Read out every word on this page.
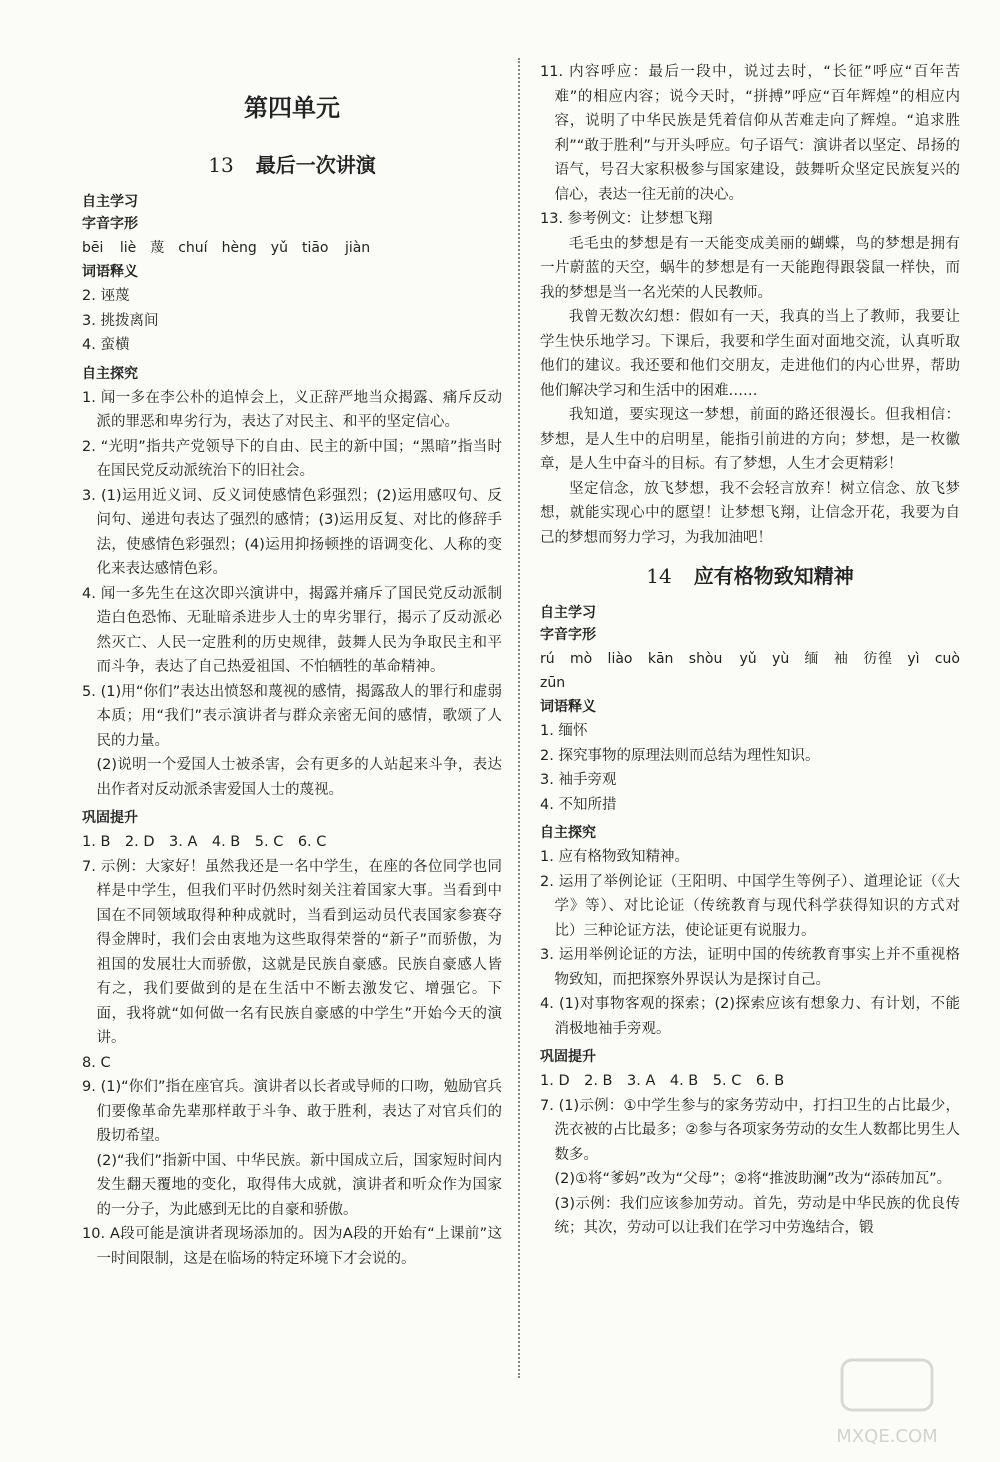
第四单元
13 最后一次讲演
自主学习
字音字形

bēi liè　蔑　chuí　hèng　yǔ　tiāo jiàn

词语释义

2. 诬蔑

3. 挑拨离间

4. 蛮横

自主探究

1. 闻一多在李公朴的追悼会上，义正辞严地当众揭露、痛斥反动派的罪恶和卑劣行为，表达了对民主、和平的坚定信心。

2. “光明”指共产党领导下的自由、民主的新中国；“黑暗”指当时在国民党反动派统治下的旧社会。

3. (1)运用近义词、反义词使感情色彩强烈；(2)运用感叹句、反问句、递进句表达了强烈的感情；(3)运用反复、对比的修辞手法，使感情色彩强烈；(4)运用抑扬顿挫的语调变化、人称的变化来表达感情色彩。

4. 闻一多先生在这次即兴演讲中，揭露并痛斥了国民党反动派制造白色恐怖、无耻暗杀进步人士的卑劣罪行，揭示了反动派必然灭亡、人民一定胜利的历史规律，鼓舞人民为争取民主和平而斗争，表达了自己热爱祖国、不怕牺牲的革命精神。

5. (1)用“你们”表达出愤怒和蔑视的感情，揭露敌人的罪行和虚弱本质；用“我们”表示演讲者与群众亲密无间的感情，歌颂了人民的力量。

(2)说明一个爱国人士被杀害，会有更多的人站起来斗争，表达出作者对反动派杀害爱国人士的蔑视。

巩固提升

1. B　2. D　3. A　4. B　5. C　6. C

7. 示例：大家好！虽然我还是一名中学生，在座的各位同学也同样是中学生，但我们平时仍然时刻关注着国家大事。当看到中国在不同领域取得种种成就时，当看到运动员代表国家参赛夺得金牌时，我们会由衷地为这些取得荣誉的“新子”而骄傲，为祖国的发展壮大而骄傲，这就是民族自豪感。民族自豪感人皆有之，我们要做到的是在生活中不断去激发它、增强它。下面，我将就“如何做一名有民族自豪感的中学生”开始今天的演讲。

8. C

9. (1)“你们”指在座官兵。演讲者以长者或导师的口吻，勉励官兵们要像革命先辈那样敢于斗争、敢于胜利，表达了对官兵们的殷切希望。

(2)“我们”指新中国、中华民族。新中国成立后，国家短时间内发生翻天覆地的变化，取得伟大成就，演讲者和听众作为国家的一分子，为此感到无比的自豪和骄傲。

10. A段可能是演讲者现场添加的。因为A段的开始有“上课前”这一时间限制，这是在临场的特定环境下才会说的。

11. 内容呼应：最后一段中，说过去时，“长征”呼应“百年苦难”的相应内容；说今天时，“拼搏”呼应“百年辉煌”的相应内容，说明了中华民族是凭着信仰从苦难走向了辉煌。“追求胜利”“敢于胜利”与开头呼应。句子语气：演讲者以坚定、昂扬的语气，号召大家积极参与国家建设，鼓舞听众坚定民族复兴的信心，表达一往无前的决心。

13. 参考例文：让梦想飞翔

毛毛虫的梦想是有一天能变成美丽的蝴蝶，鸟的梦想是拥有一片蔚蓝的天空，蜗牛的梦想是有一天能跑得跟袋鼠一样快，而我的梦想是当一名光荣的人民教师。

我曾无数次幻想：假如有一天，我真的当上了教师，我要让学生快乐地学习。下课后，我要和学生面对面地交流，认真听取他们的建议。我还要和他们交朋友，走进他们的内心世界，帮助他们解决学习和生活中的困难……

我知道，要实现这一梦想，前面的路还很漫长。但我相信：梦想，是人生中的启明星，能指引前进的方向；梦想，是一枚徽章，是人生中奋斗的目标。有了梦想，人生才会更精彩！

坚定信念，放飞梦想，我不会轻言放弃！树立信念、放飞梦想，就能实现心中的愿望！让梦想飞翔，让信念开花，我要为自己的梦想而努力学习，为我加油吧！

14 应有格物致知精神
自主学习
字音字形

rú　mò　liào　kān　shòu yǔ　yù　缅　袖　彷徨　yì　cuò　zūn

词语释义

1. 缅怀

2. 探究事物的原理法则而总结为理性知识。

3. 袖手旁观

4. 不知所措

自主探究

1. 应有格物致知精神。

2. 运用了举例论证（王阳明、中国学生等例子）、道理论证（《大学》等）、对比论证（传统教育与现代科学获得知识的方式对比）三种论证方法，使论证更有说服力。

3. 运用举例论证的方法，证明中国的传统教育事实上并不重视格物致知，而把探察外界误认为是探讨自己。

4. (1)对事物客观的探索；(2)探索应该有想象力、有计划，不能消极地袖手旁观。

巩固提升

1. D　2. B　3. A　4. B　5. C　6. B

7. (1)示例：①中学生参与的家务劳动中，打扫卫生的占比最少，洗衣被的占比最多；②参与各项家务劳动的女生人数都比男生人数多。

(2)①将“爹妈”改为“父母”；②将“推波助澜”改为“添砖加瓦”。

(3)示例：我们应该参加劳动。首先，劳动是中华民族的优良传统；其次，劳动可以让我们在学习中劳逸结合，锻

MXQE.COM
